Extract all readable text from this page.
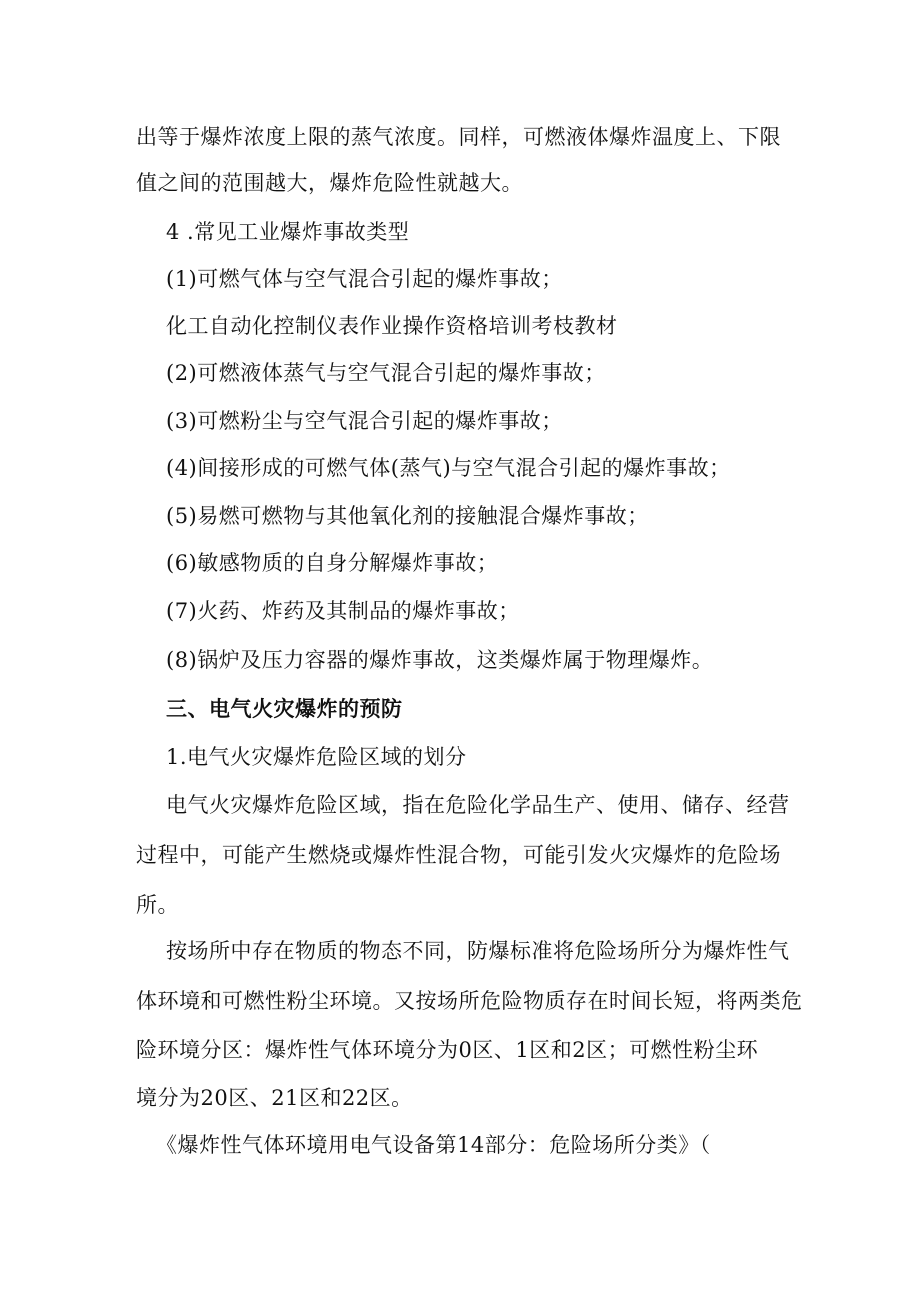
出等于爆炸浓度上限的蒸气浓度。同样，可燃液体爆炸温度上、下限
值之间的范围越大，爆炸危险性就越大。
4 .常见工业爆炸事故类型
(1)可燃气体与空气混合引起的爆炸事故；
化工自动化控制仪表作业操作资格培训考枝教材
(2)可燃液体蒸气与空气混合引起的爆炸事故；
(3)可燃粉尘与空气混合引起的爆炸事故；
(4)间接形成的可燃气体(蒸气)与空气混合引起的爆炸事故；
(5)易燃可燃物与其他氧化剂的接触混合爆炸事故；
(6)敏感物质的自身分解爆炸事故；
(7)火药、炸药及其制品的爆炸事故；
(8)锅炉及压力容器的爆炸事故，这类爆炸属于物理爆炸。
三、电气火灾爆炸的预防
1.电气火灾爆炸危险区域的划分
电气火灾爆炸危险区域，指在危险化学品生产、使用、储存、经营
过程中，可能产生燃烧或爆炸性混合物，可能引发火灾爆炸的危险场
所。
按场所中存在物质的物态不同，防爆标准将危险场所分为爆炸性气
体环境和可燃性粉尘环境。又按场所危险物质存在时间长短，将两类危
险环境分区：爆炸性气体环境分为0区、1区和2区；可燃性粉尘环
境分为20区、21区和22区。
《爆炸性气体环境用电气设备第14部分：危险场所分类》（
